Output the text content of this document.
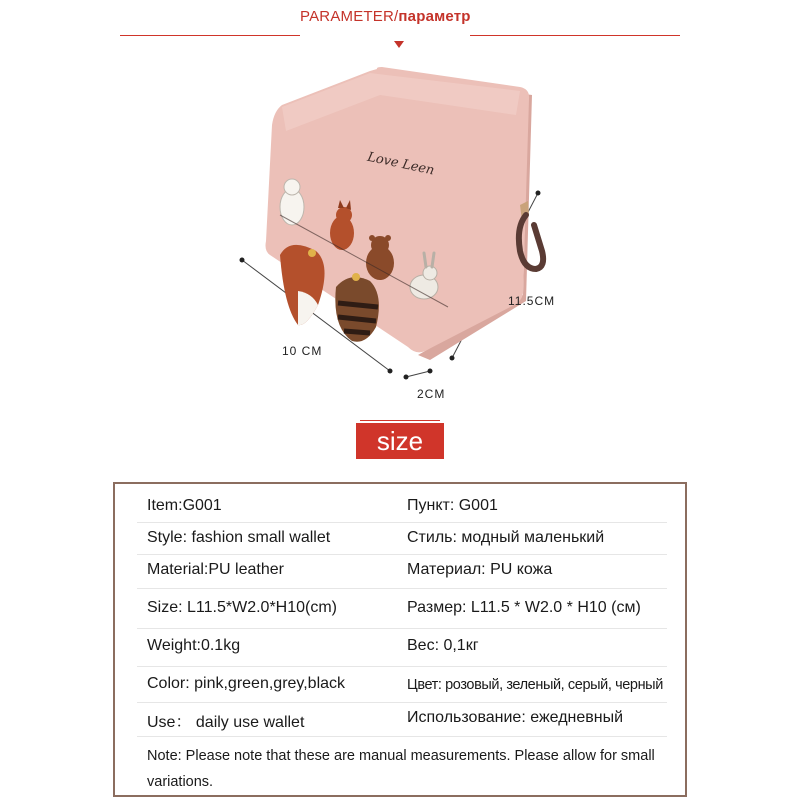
PARAMETER/параметр
Love Leen
10 CM
2CM
11.5CM
size
Item:G001	Пункт: G001
Style: fashion small wallet	Стиль: модный маленький
Material:PU leather	Материал: PU кожа
Size: L11.5*W2.0*H10(cm)	Размер: L11.5 * W2.0 * H10 (см)
Weight:0.1kg	Вес: 0,1кг
Color: pink,green,grey,black	Цвет: розовый, зеленый, серый, черный
Use： daily use wallet	Использование: ежедневный
Note: Please note that these are manual measurements. Please allow for small variations.
